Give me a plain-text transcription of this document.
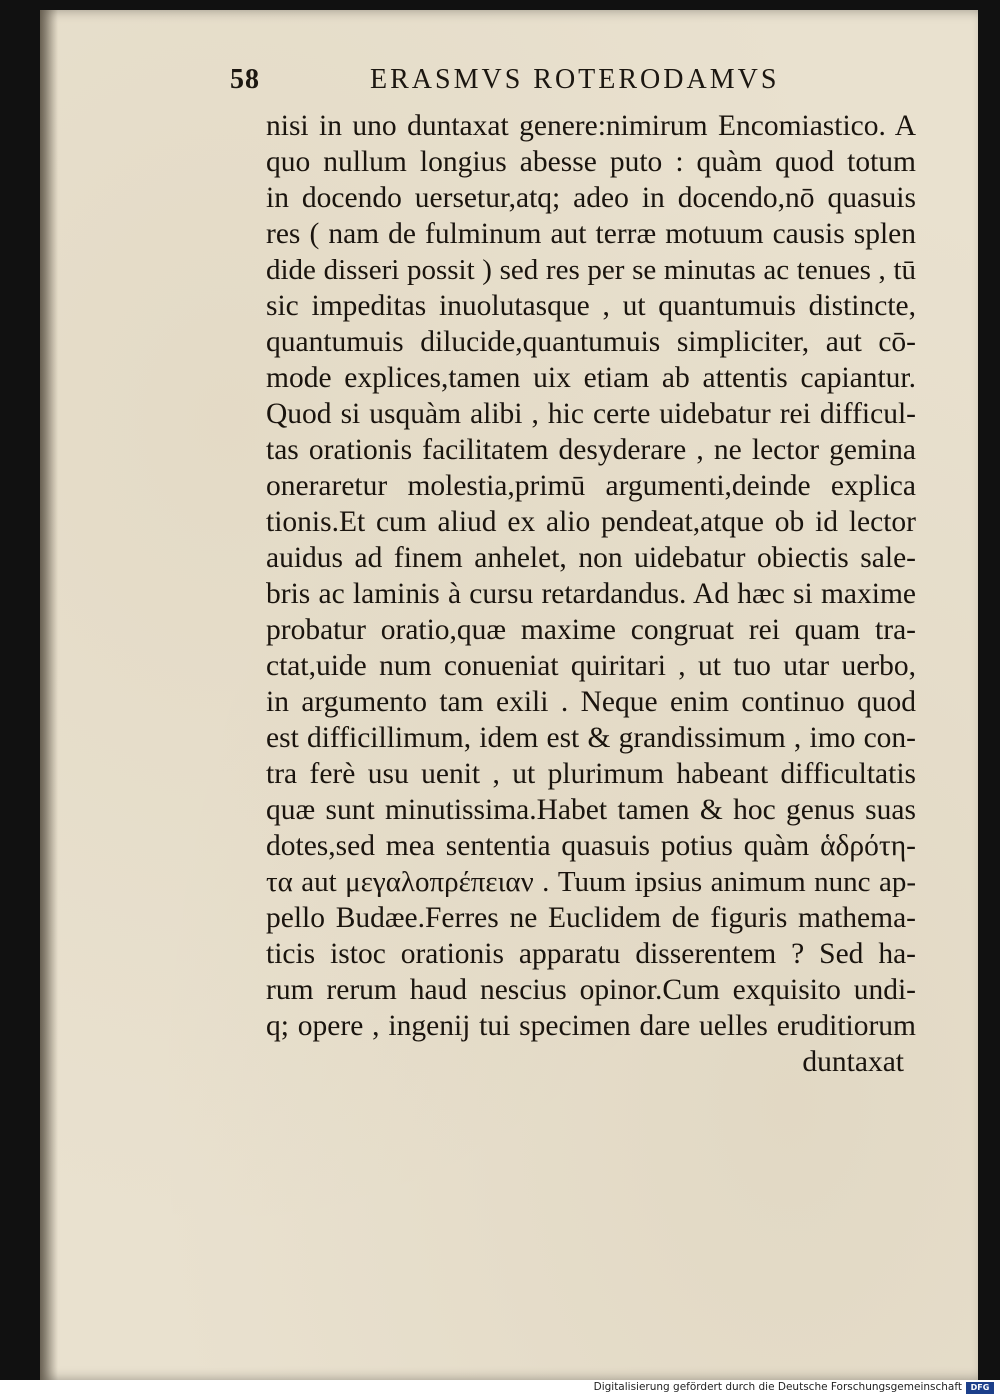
58	ERASMVS ROTERODAMVS
nisi in uno duntaxat genere:nimirum Encomiastico. A
quo nullum longius abesse puto : quàm quod totum
in docendo uersetur,atq; adeo in docendo,nō quasuis
res ( nam de fulminum aut terræ motuum causis splen
dide disseri possit ) sed res per se minutas ac tenues , tū
sic impeditas inuolutasque , ut quantumuis distincte,
quantumuis dilucide,quantumuis simpliciter, aut cō-
mode explices,tamen uix etiam ab attentis capiantur.
Quod si usquàm alibi , hic certe uidebatur rei difficul-
tas orationis facilitatem desyderare , ne lector gemina
oneraretur molestia,primū argumenti,deinde explica
tionis.Et cum aliud ex alio pendeat,atque ob id lector
auidus ad finem anhelet, non uidebatur obiectis sale-
bris ac laminis à cursu retardandus. Ad hæc si maxime
probatur oratio,quæ maxime congruat rei quam tra-
ctat,uide num conueniat quiritari , ut tuo utar uerbo,
in argumento tam exili . Neque enim continuo quod
est difficillimum, idem est & grandissimum , imo con-
tra ferè usu uenit , ut plurimum habeant difficultatis
quæ sunt minutissima.Habet tamen & hoc genus suas
dotes,sed mea sententia quasuis potius quàm ἁδρότη-
τα aut μεγαλοπρέπειαν . Tuum ipsius animum nunc ap-
pello Budæe.Ferres ne Euclidem de figuris mathema-
ticis istoc orationis apparatu disserentem ? Sed ha-
rum rerum haud nescius opinor.Cum exquisito undi-
q; opere , ingenij tui specimen dare uelles eruditiorum
duntaxat
Digitalisierung gefördert durch die Deutsche Forschungsgemeinschaft	DFG
